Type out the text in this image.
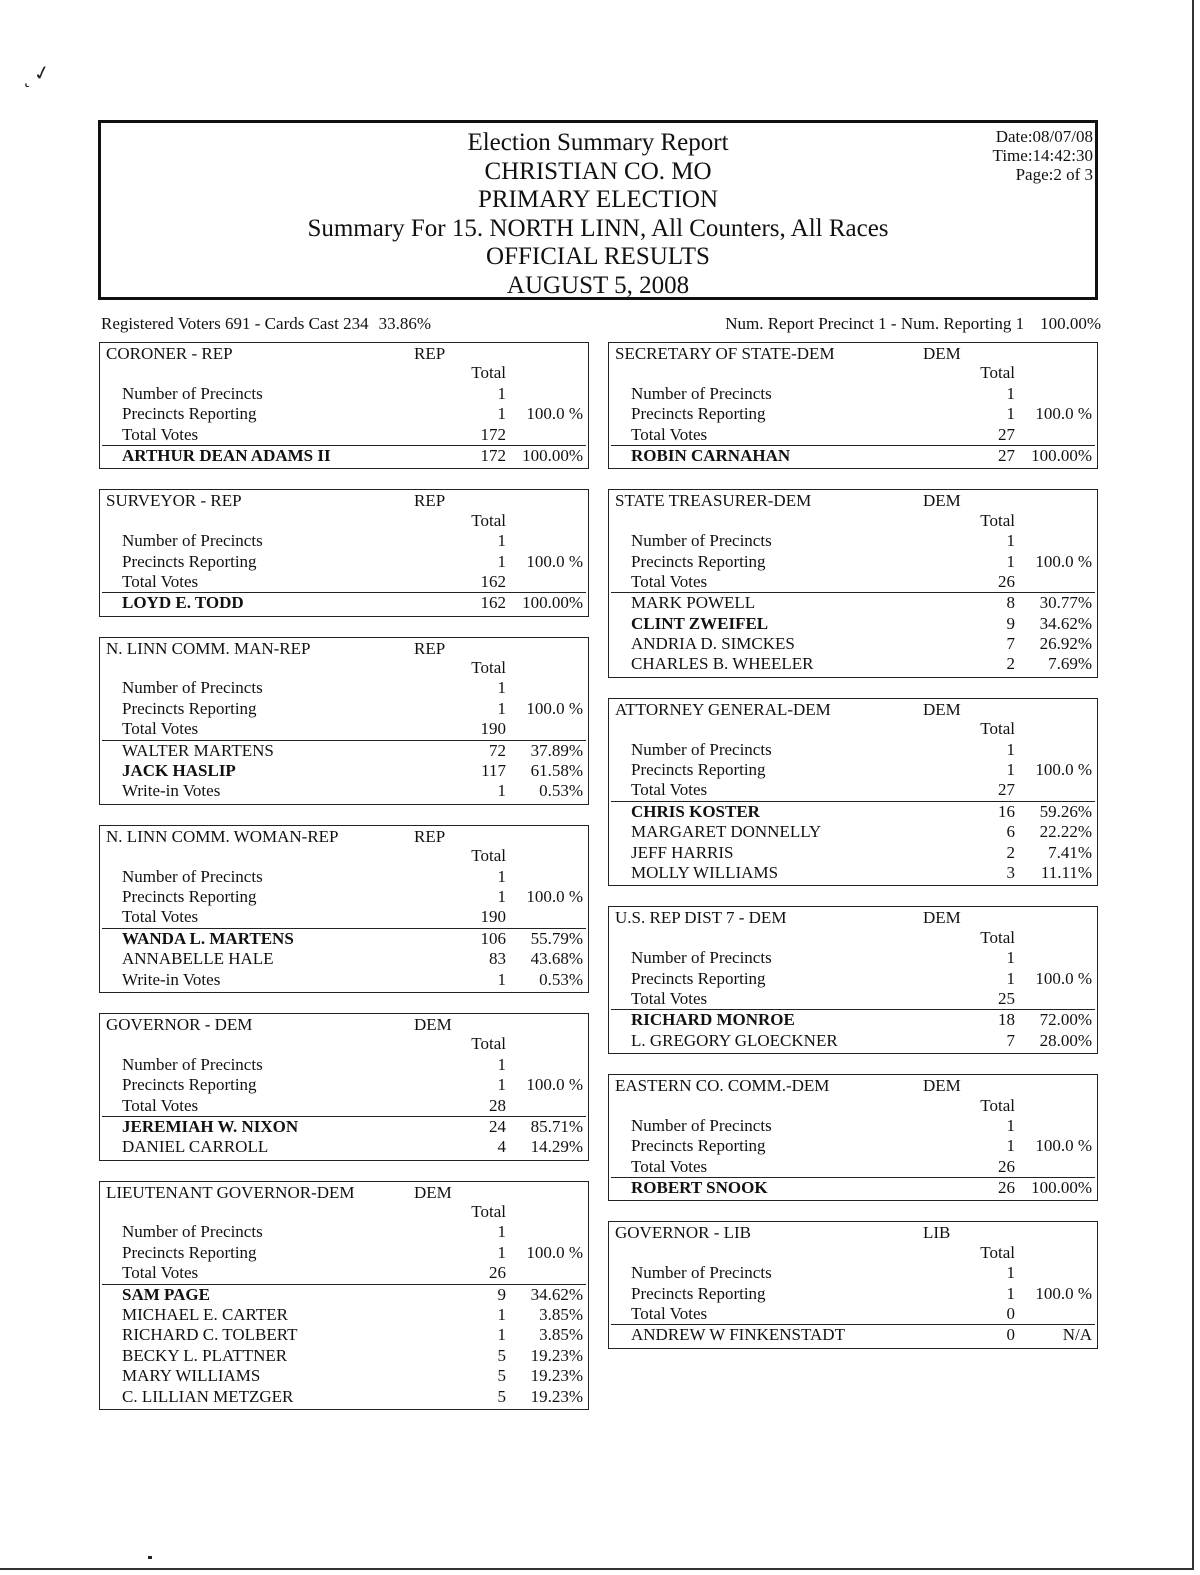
˛ ✓
Election Summary Report
CHRISTIAN CO. MO
PRIMARY ELECTION
Summary For 15. NORTH LINN, All Counters, All Races
OFFICIAL RESULTS
AUGUST 5, 2008
Date:08/07/08
Time:14:42:30
Page:2 of 3
Registered Voters 691 - Cards Cast 234 33.86%	Num. Report Precinct 1 - Num. Reporting 1 100.00%
CORONER - REP	REP
Total
Number of Precincts	1
Precincts Reporting	1 100.0 %
Total Votes	172
ARTHUR DEAN ADAMS II	172 100.00%
SURVEYOR - REP	REP
Total
Number of Precincts	1
Precincts Reporting	1 100.0 %
Total Votes	162
LOYD E. TODD	162 100.00%
N. LINN COMM. MAN-REP	REP
Total
Number of Precincts	1
Precincts Reporting	1 100.0 %
Total Votes	190
WALTER MARTENS	72 37.89%
JACK HASLIP	117 61.58%
Write-in Votes	1 0.53%
N. LINN COMM. WOMAN-REP	REP
Total
Number of Precincts	1
Precincts Reporting	1 100.0 %
Total Votes	190
WANDA L. MARTENS	106 55.79%
ANNABELLE HALE	83 43.68%
Write-in Votes	1 0.53%
GOVERNOR - DEM	DEM
Total
Number of Precincts	1
Precincts Reporting	1 100.0 %
Total Votes	28
JEREMIAH W. NIXON	24 85.71%
DANIEL CARROLL	4 14.29%
LIEUTENANT GOVERNOR-DEM	DEM
Total
Number of Precincts	1
Precincts Reporting	1 100.0 %
Total Votes	26
SAM PAGE	9 34.62%
MICHAEL E. CARTER	1 3.85%
RICHARD C. TOLBERT	1 3.85%
BECKY L. PLATTNER	5 19.23%
MARY WILLIAMS	5 19.23%
C. LILLIAN METZGER	5 19.23%
SECRETARY OF STATE-DEM	DEM
Total
Number of Precincts	1
Precincts Reporting	1 100.0 %
Total Votes	27
ROBIN CARNAHAN	27 100.00%
STATE TREASURER-DEM	DEM
Total
Number of Precincts	1
Precincts Reporting	1 100.0 %
Total Votes	26
MARK POWELL	8 30.77%
CLINT ZWEIFEL	9 34.62%
ANDRIA D. SIMCKES	7 26.92%
CHARLES B. WHEELER	2 7.69%
ATTORNEY GENERAL-DEM	DEM
Total
Number of Precincts	1
Precincts Reporting	1 100.0 %
Total Votes	27
CHRIS KOSTER	16 59.26%
MARGARET DONNELLY	6 22.22%
JEFF HARRIS	2 7.41%
MOLLY WILLIAMS	3 11.11%
U.S. REP DIST 7 - DEM	DEM
Total
Number of Precincts	1
Precincts Reporting	1 100.0 %
Total Votes	25
RICHARD MONROE	18 72.00%
L. GREGORY GLOECKNER	7 28.00%
EASTERN CO. COMM.-DEM	DEM
Total
Number of Precincts	1
Precincts Reporting	1 100.0 %
Total Votes	26
ROBERT SNOOK	26 100.00%
GOVERNOR - LIB	LIB
Total
Number of Precincts	1
Precincts Reporting	1 100.0 %
Total Votes	0
ANDREW W FINKENSTADT	0	N/A
